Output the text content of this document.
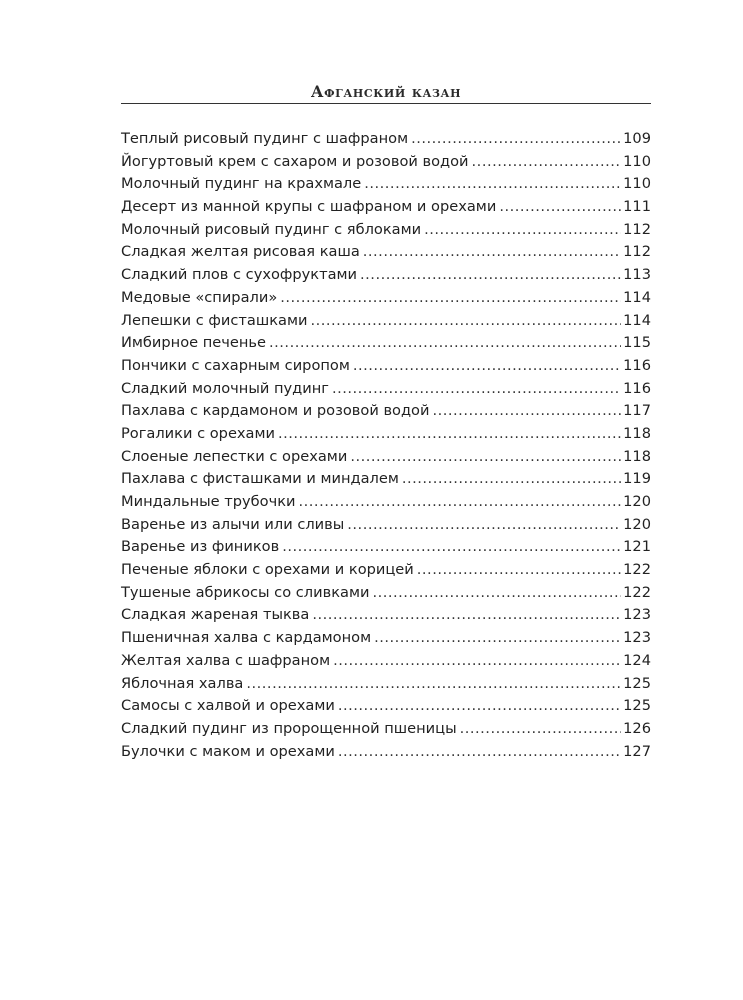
Афганский казан
Теплый рисовый пудинг с шафраном .....	109
Йогуртовый крем с сахаром и розовой водой .....	110
Молочный пудинг на крахмале .....	110
Десерт из манной крупы с шафраном и орехами .....	111
Молочный рисовый пудинг с яблоками .....	112
Сладкая желтая рисовая каша .....	112
Сладкий плов с сухофруктами .....	113
Медовые «спирали» .....	114
Лепешки с фисташками .....	114
Имбирное печенье .....	115
Пончики с сахарным сиропом .....	116
Сладкий молочный пудинг .....	116
Пахлава с кардамоном и розовой водой .....	117
Рогалики с орехами .....	118
Слоеные лепестки с орехами .....	118
Пахлава с фисташками и миндалем .....	119
Миндальные трубочки .....	120
Варенье из алычи или сливы .....	120
Варенье из фиников .....	121
Печеные яблоки с орехами и корицей .....	122
Тушеные абрикосы со сливками .....	122
Сладкая жареная тыква .....	123
Пшеничная халва с кардамоном .....	123
Желтая халва с шафраном .....	124
Яблочная халва .....	125
Самосы с халвой и орехами .....	125
Сладкий пудинг из пророщенной пшеницы .....	126
Булочки с маком и орехами .....	127
